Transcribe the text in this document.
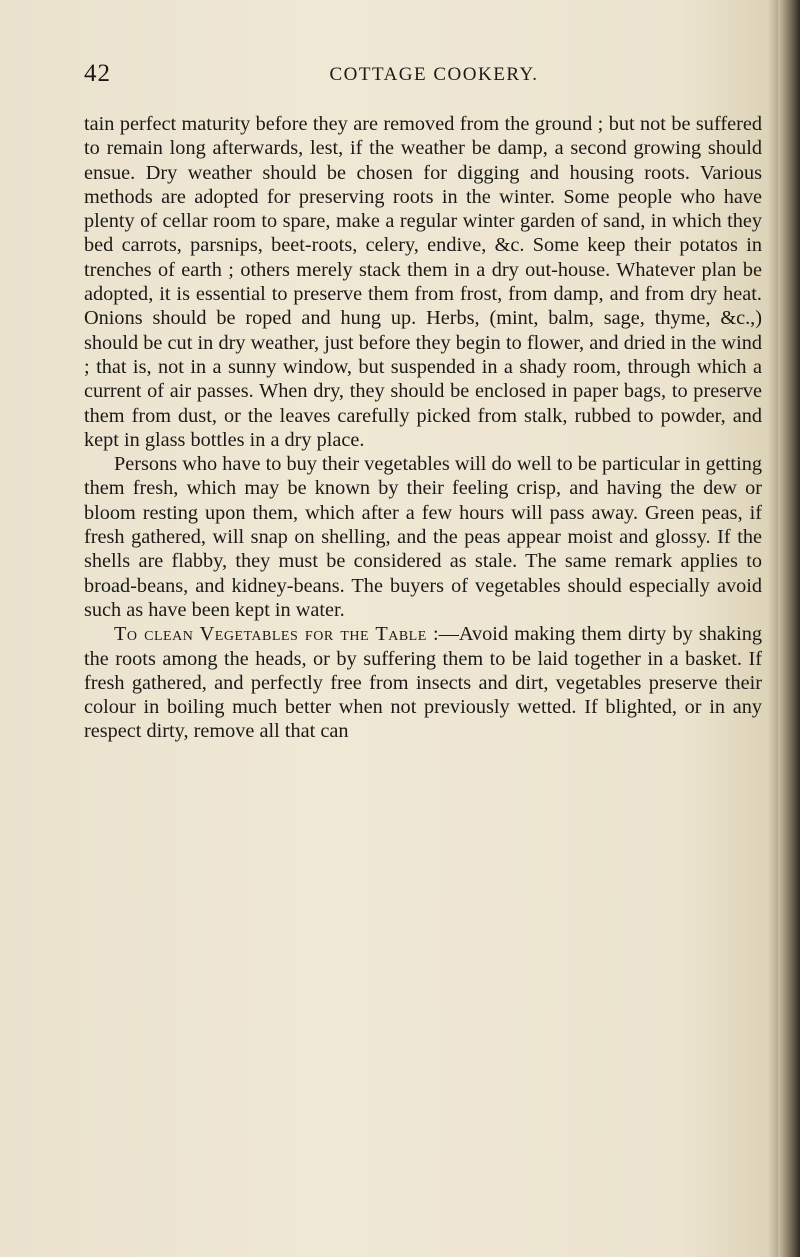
42	COTTAGE COOKERY.

tain perfect maturity before they are removed from the ground ; but not be suffered to remain long afterwards, lest, if the weather be damp, a second growing should ensue. Dry weather should be chosen for digging and housing roots. Various methods are adopted for preserving roots in the winter. Some people who have plenty of cellar room to spare, make a regular winter garden of sand, in which they bed carrots, parsnips, beet-roots, celery, endive, &c. Some keep their potatos in trenches of earth ; others merely stack them in a dry out-house. Whatever plan be adopted, it is essential to preserve them from frost, from damp, and from dry heat. Onions should be roped and hung up. Herbs, (mint, balm, sage, thyme, &c.,) should be cut in dry weather, just before they begin to flower, and dried in the wind ; that is, not in a sunny window, but suspended in a shady room, through which a current of air passes. When dry, they should be enclosed in paper bags, to preserve them from dust, or the leaves carefully picked from stalk, rubbed to powder, and kept in glass bottles in a dry place.

Persons who have to buy their vegetables will do well to be particular in getting them fresh, which may be known by their feeling crisp, and having the dew or bloom resting upon them, which after a few hours will pass away. Green peas, if fresh gathered, will snap on shelling, and the peas appear moist and glossy. If the shells are flabby, they must be considered as stale. The same remark applies to broad-beans, and kidney-beans. The buyers of vegetables should especially avoid such as have been kept in water.

To clean Vegetables for the Table :—Avoid making them dirty by shaking the roots among the heads, or by suffering them to be laid together in a basket. If fresh gathered, and perfectly free from insects and dirt, vegetables preserve their colour in boiling much better when not previously wetted. If blighted, or in any respect dirty, remove all that can
